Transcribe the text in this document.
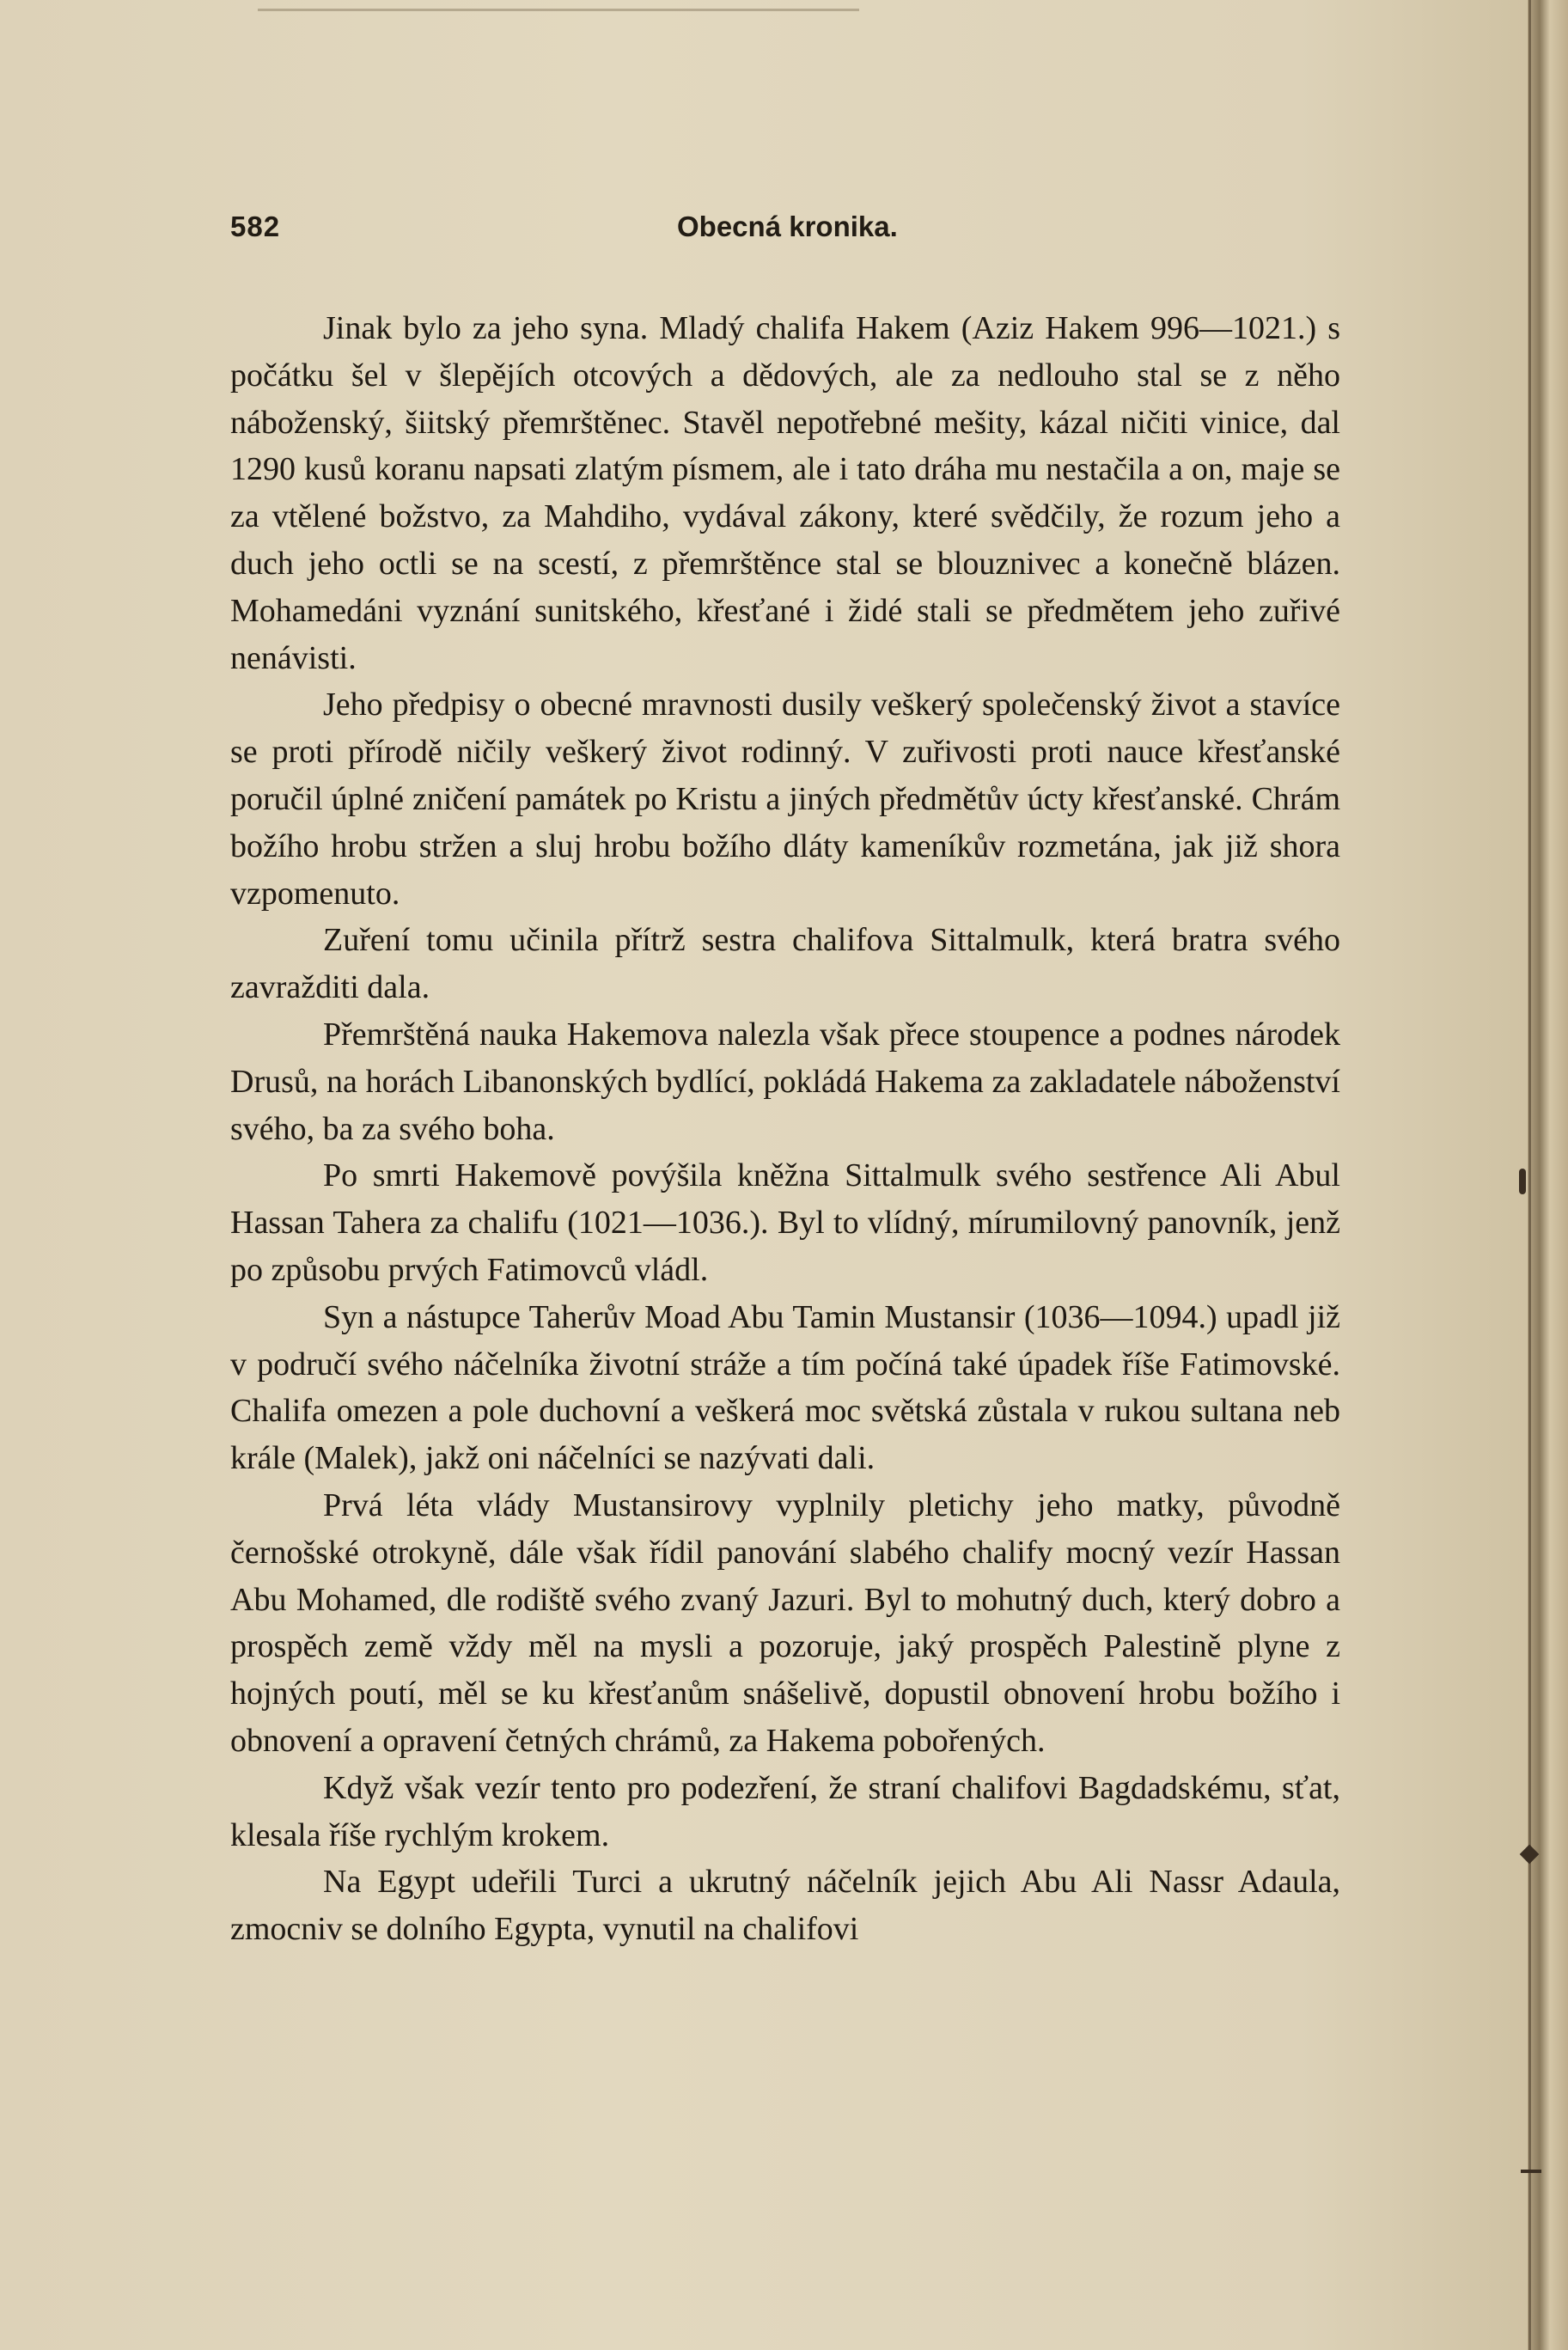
582	Obecná kronika.

Jinak bylo za jeho syna. Mladý chalifa Hakem (Aziz Hakem 996—1021.) s počátku šel v šlepějích otcových a dědových, ale za nedlouho stal se z něho náboženský, šiitský přemrštěnec. Stavěl nepotřebné mešity, kázal ničiti vinice, dal 1290 kusů koranu napsati zlatým písmem, ale i tato dráha mu nestačila a on, maje se za vtělené božstvo, za Mahdiho, vydával zákony, které svědčily, že rozum jeho a duch jeho octli se na scestí, z přemrštěnce stal se blouznivec a konečně blázen. Mohamedáni vyznání sunitského, křesťané i židé stali se předmětem jeho zuřivé nenávisti.

Jeho předpisy o obecné mravnosti dusily veškerý společenský život a stavíce se proti přírodě ničily veškerý život rodinný. V zuřivosti proti nauce křesťanské poručil úplné zničení památek po Kristu a jiných předmětův úcty křesťanské. Chrám božího hrobu stržen a sluj hrobu božího dláty kameníkův rozmetána, jak již shora vzpomenuto.

Zuření tomu učinila přítrž sestra chalifova Sittalmulk, která bratra svého zavražditi dala.

Přemrštěná nauka Hakemova nalezla však přece stoupence a podnes národek Drusů, na horách Libanonských bydlící, pokládá Hakema za zakladatele náboženství svého, ba za svého boha.

Po smrti Hakemově povýšila kněžna Sittalmulk svého sestřence Ali Abul Hassan Tahera za chalifu (1021—1036.). Byl to vlídný, mírumilovný panovník, jenž po způsobu prvých Fatimovců vládl.

Syn a nástupce Taherův Moad Abu Tamin Mustansir (1036—1094.) upadl již v područí svého náčelníka životní stráže a tím počíná také úpadek říše Fatimovské. Chalifa omezen a pole duchovní a veškerá moc světská zůstala v rukou sultana neb krále (Malek), jakž oni náčelníci se nazývati dali.

Prvá léta vlády Mustansirovy vyplnily pletichy jeho matky, původně černošské otrokyně, dále však řídil panování slabého chalify mocný vezír Hassan Abu Mohamed, dle rodiště svého zvaný Jazuri. Byl to mohutný duch, který dobro a prospěch země vždy měl na mysli a pozoruje, jaký prospěch Palestině plyne z hojných poutí, měl se ku křesťanům snášelivě, dopustil obnovení hrobu božího i obnovení a opravení četných chrámů, za Hakema pobořených.

Když však vezír tento pro podezření, že straní chalifovi Bagdadskému, sťat, klesala říše rychlým krokem.

Na Egypt udeřili Turci a ukrutný náčelník jejich Abu Ali Nassr Adaula, zmocniv se dolního Egypta, vynutil na chalifovi
